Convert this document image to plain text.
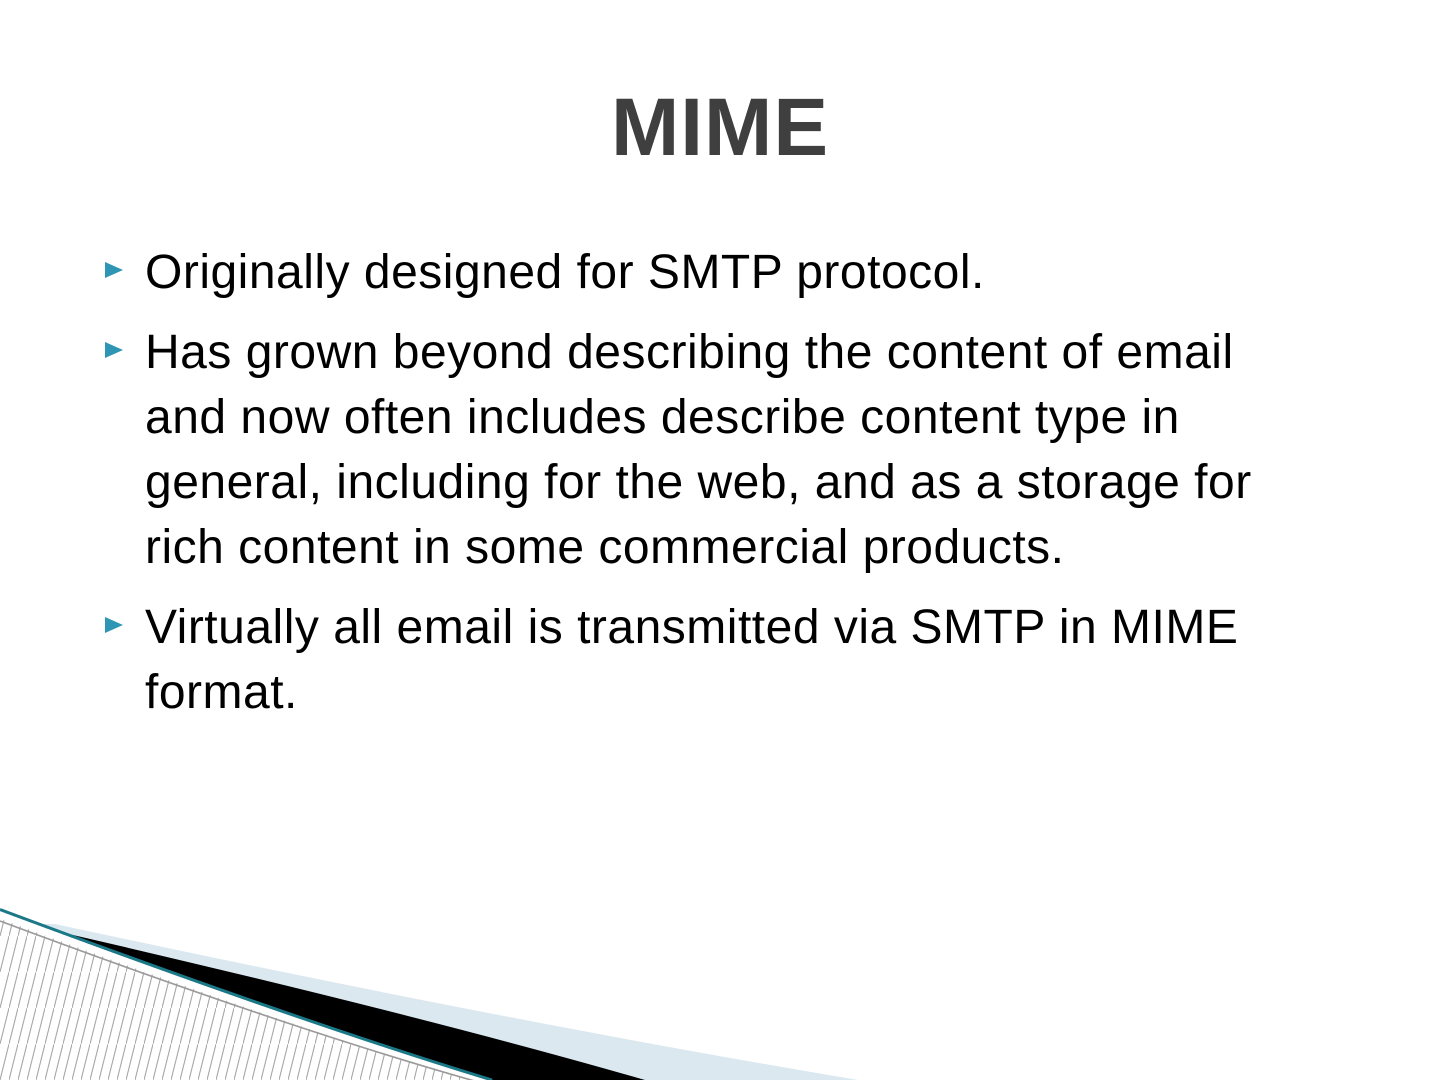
MIME
Originally designed for SMTP protocol.
Has grown beyond describing the content of email
and now often includes describe content type in
general, including for the web, and as a storage for
rich content in some commercial products.
Virtually all email is transmitted via SMTP in MIME
format.
